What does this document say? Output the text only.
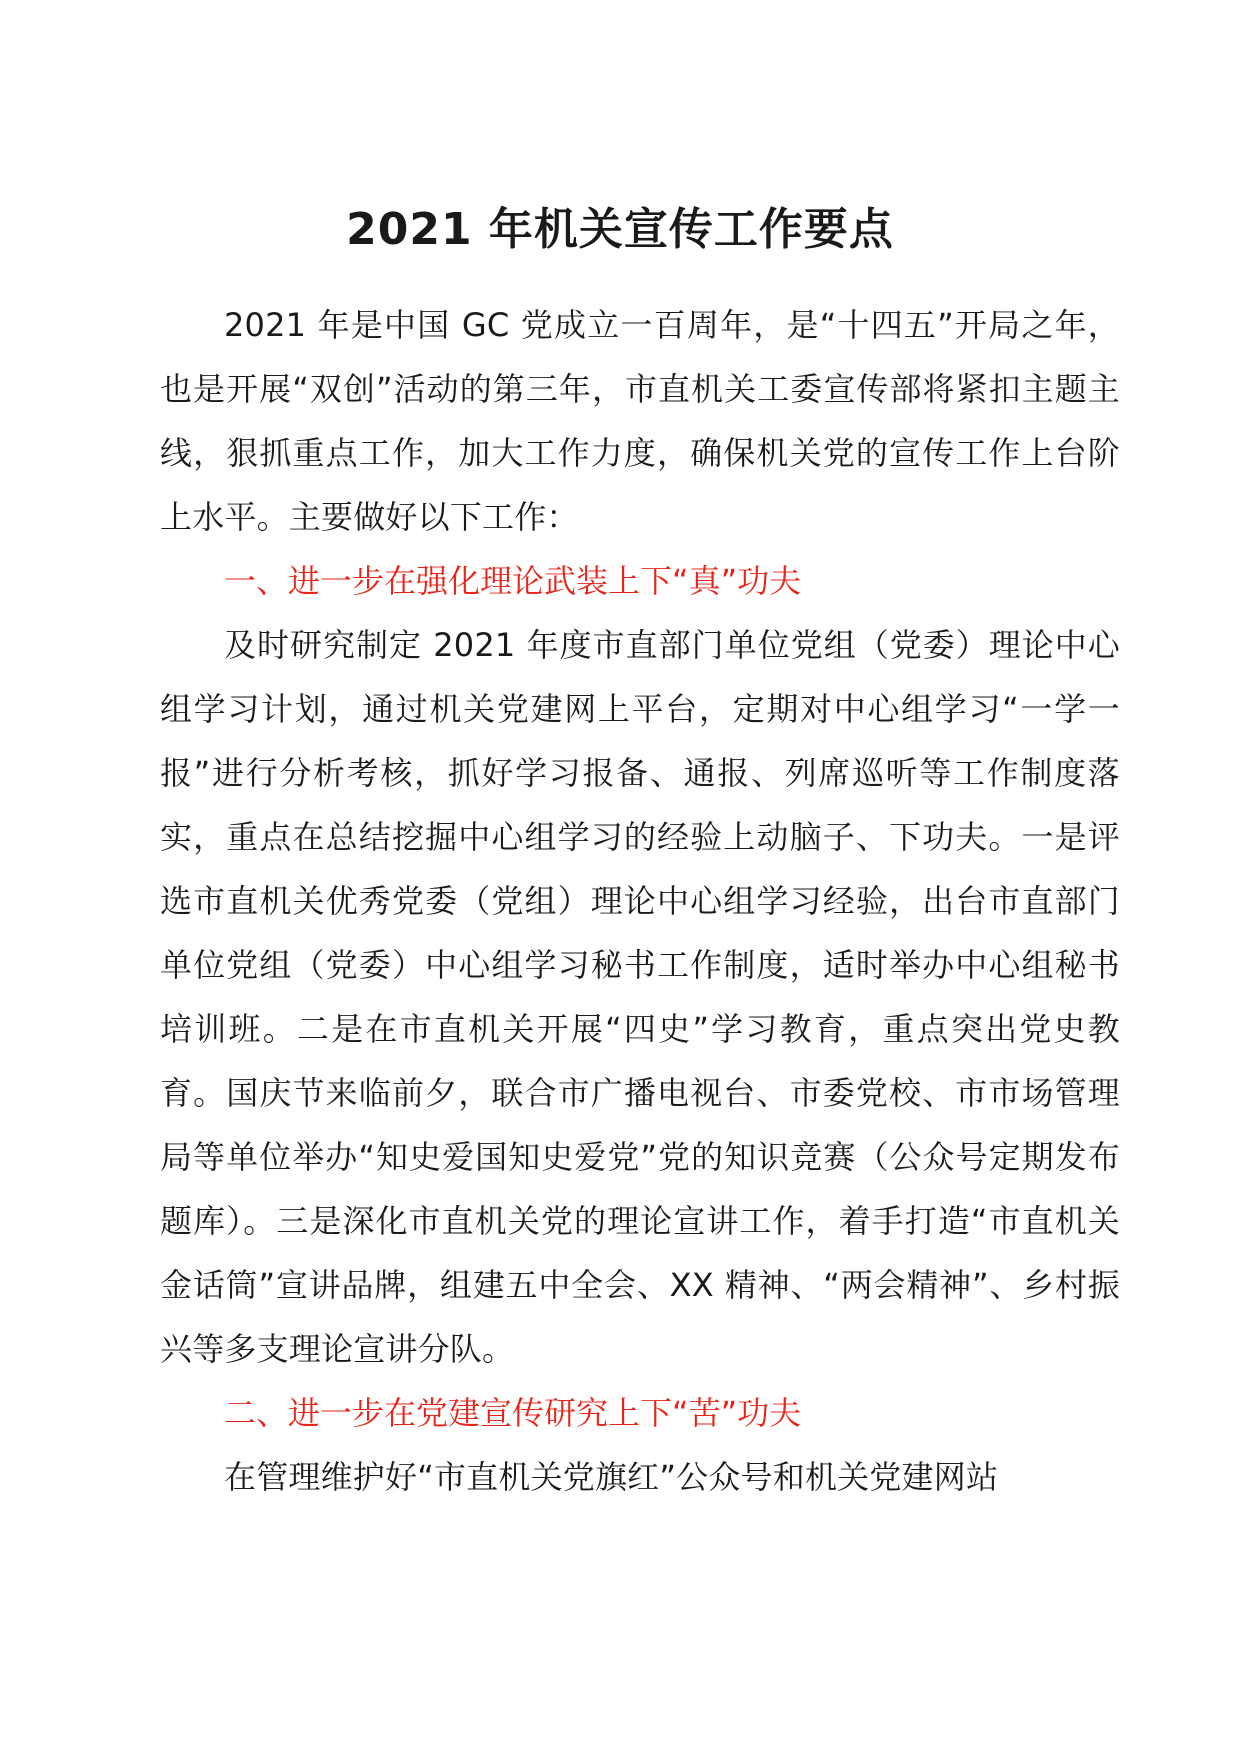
2021 年机关宣传工作要点

2021 年是中国 GC 党成立一百周年，是“十四五”开局之年，也是开展“双创”活动的第三年，市直机关工委宣传部将紧扣主题主线，狠抓重点工作，加大工作力度，确保机关党的宣传工作上台阶上水平。主要做好以下工作：

一、进一步在强化理论武装上下“真”功夫

及时研究制定 2021 年度市直部门单位党组（党委）理论中心组学习计划，通过机关党建网上平台，定期对中心组学习“一学一报”进行分析考核，抓好学习报备、通报、列席巡听等工作制度落实，重点在总结挖掘中心组学习的经验上动脑子、下功夫。一是评选市直机关优秀党委（党组）理论中心组学习经验，出台市直部门单位党组（党委）中心组学习秘书工作制度，适时举办中心组秘书培训班。二是在市直机关开展“四史”学习教育，重点突出党史教育。国庆节来临前夕，联合市广播电视台、市委党校、市市场管理局等单位举办“知史爱国知史爱党”党的知识竞赛（公众号定期发布题库）。三是深化市直机关党的理论宣讲工作，着手打造“市直机关金话筒”宣讲品牌，组建五中全会、XX 精神、“两会精神”、乡村振兴等多支理论宣讲分队。

二、进一步在党建宣传研究上下“苦”功夫

在管理维护好“市直机关党旗红”公众号和机关党建网站
